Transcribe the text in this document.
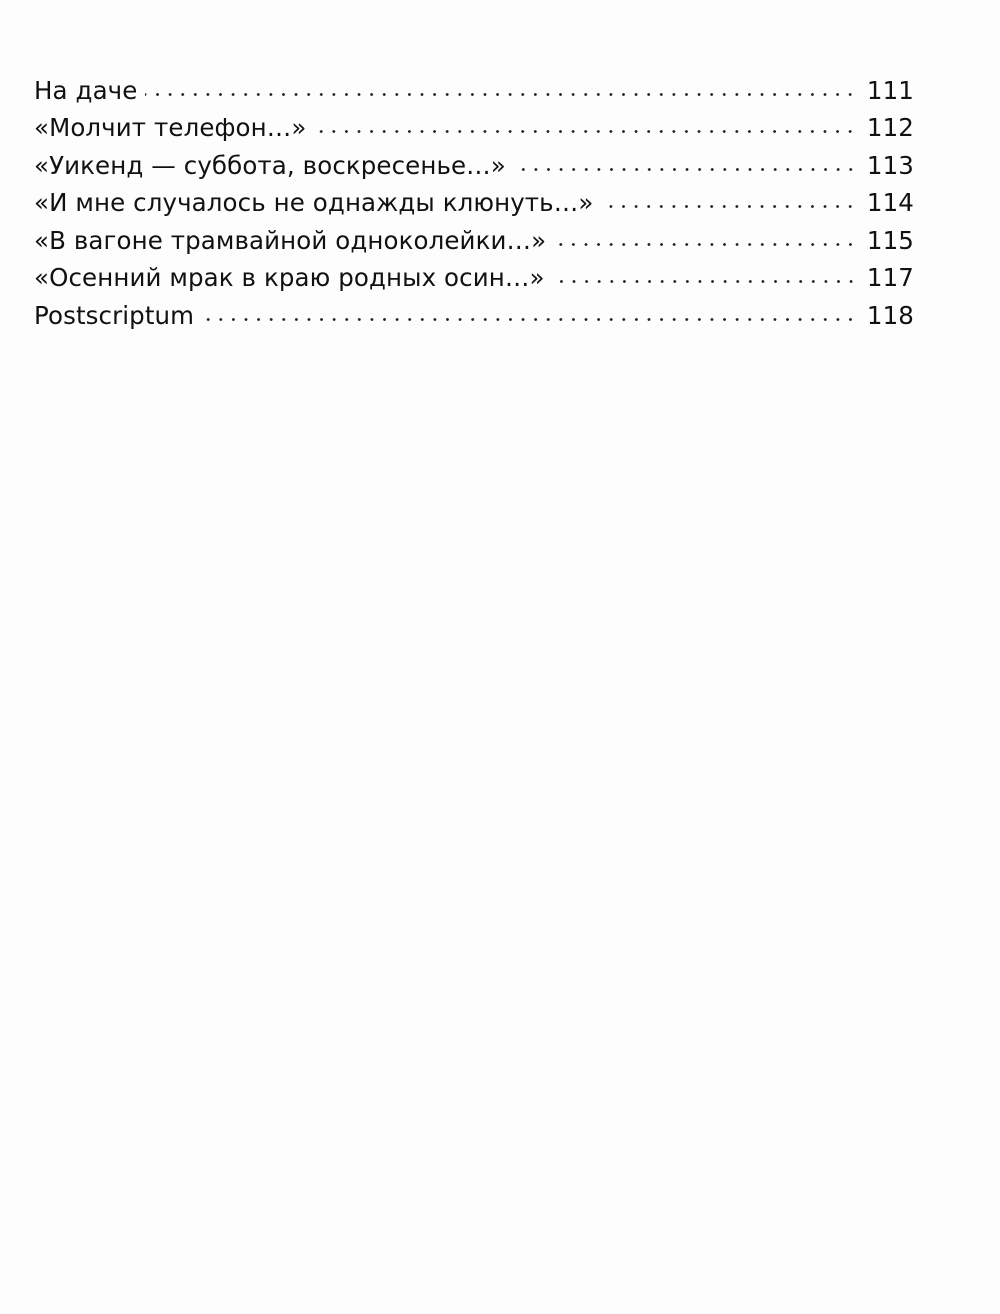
На даче	111
«Молчит телефон…»	112
«Уикенд — суббота, воскресенье…»	113
«И мне случалось не однажды клюнуть…»	114
«В вагоне трамвайной одноколейки…»	115
«Осенний мрак в краю родных осин…»	117
Postscriptum	118
